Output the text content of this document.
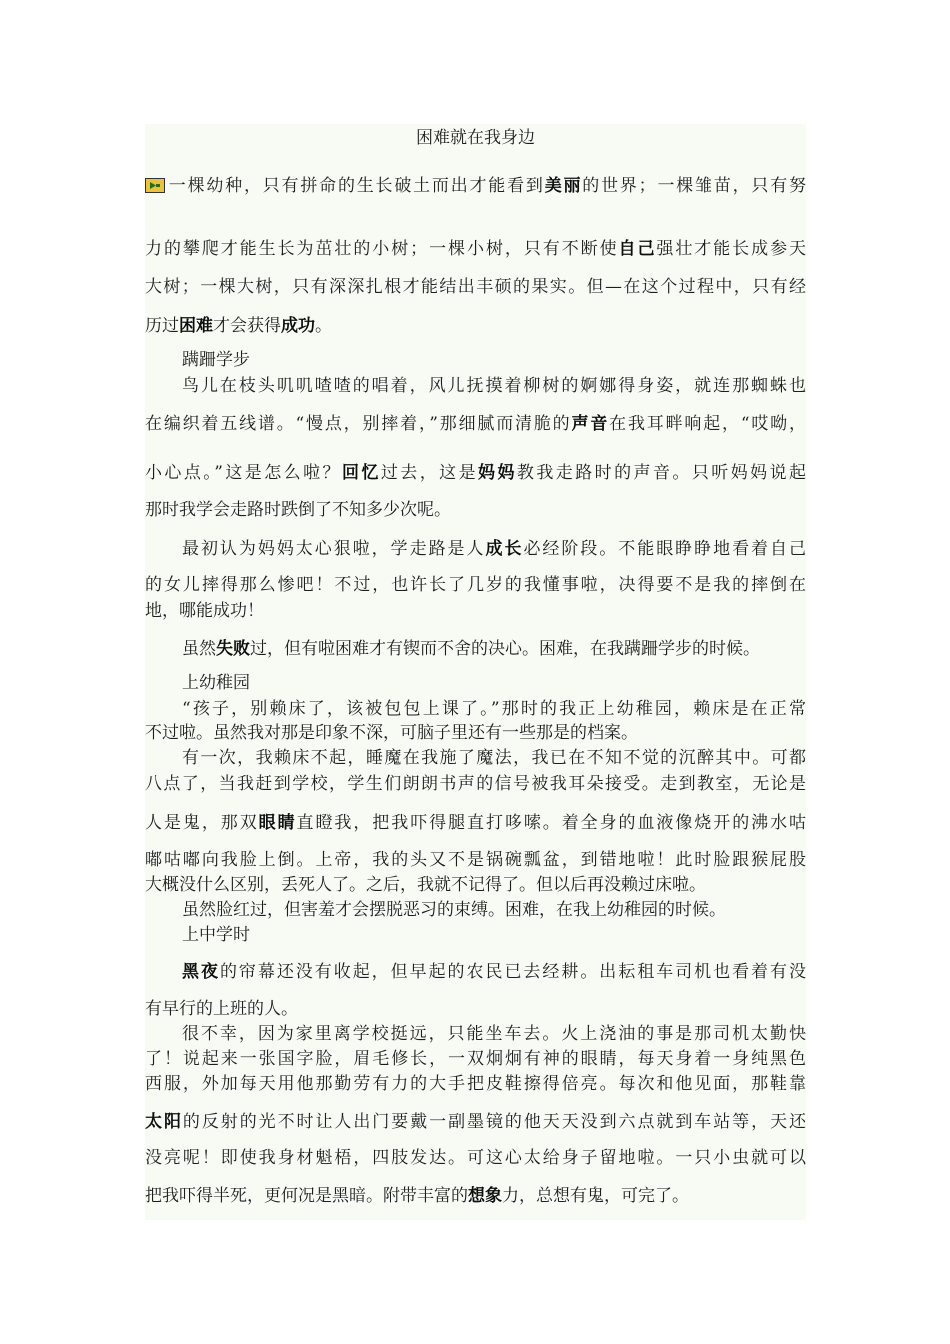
困难就在我身边
一棵幼种，只有拼命的生长破土而出才能看到美丽的世界；一棵雏苗，只有努
力的攀爬才能生长为茁壮的小树；一棵小树，只有不断使自己强壮才能长成参天
大树；一棵大树，只有深深扎根才能结出丰硕的果实。但—在这个过程中，只有经
历过困难才会获得成功。
蹒跚学步
鸟儿在枝头叽叽喳喳的唱着，风儿抚摸着柳树的婀娜得身姿，就连那蜘蛛也
在编织着五线谱。“慢点，别摔着，”那细腻而清脆的声音在我耳畔响起，“哎呦，
小心点。”这是怎么啦？回忆过去，这是妈妈教我走路时的声音。只听妈妈说起
那时我学会走路时跌倒了不知多少次呢。
最初认为妈妈太心狠啦，学走路是人成长必经阶段。不能眼睁睁地看着自己
的女儿摔得那么惨吧！不过，也许长了几岁的我懂事啦，决得要不是我的摔倒在
地，哪能成功！
虽然失败过，但有啦困难才有锲而不舍的决心。困难，在我蹒跚学步的时候。
上幼稚园
“孩子，别赖床了，该被包包上课了。”那时的我正上幼稚园，赖床是在正常
不过啦。虽然我对那是印象不深，可脑子里还有一些那是的档案。
有一次，我赖床不起，睡魔在我施了魔法，我已在不知不觉的沉醉其中。可都
八点了，当我赶到学校，学生们朗朗书声的信号被我耳朵接受。走到教室，无论是
人是鬼，那双眼睛直瞪我，把我吓得腿直打哆嗦。着全身的血液像烧开的沸水咕
嘟咕嘟向我脸上倒。上帝，我的头又不是锅碗瓢盆，到错地啦！此时脸跟猴屁股
大概没什么区别，丢死人了。之后，我就不记得了。但以后再没赖过床啦。
虽然脸红过，但害羞才会摆脱恶习的束缚。困难，在我上幼稚园的时候。
上中学时
黑夜的帘幕还没有收起，但早起的农民已去经耕。出耘租车司机也看着有没
有早行的上班的人。
很不幸，因为家里离学校挺远，只能坐车去。火上浇油的事是那司机太勤快
了！说起来一张国字脸，眉毛修长，一双炯炯有神的眼睛，每天身着一身纯黑色
西服，外加每天用他那勤劳有力的大手把皮鞋擦得倍亮。每次和他见面，那鞋靠
太阳的反射的光不时让人出门要戴一副墨镜的他天天没到六点就到车站等，天还
没亮呢！即使我身材魁梧，四肢发达。可这心太给身子留地啦。一只小虫就可以
把我吓得半死，更何况是黑暗。附带丰富的想象力，总想有鬼，可完了。
